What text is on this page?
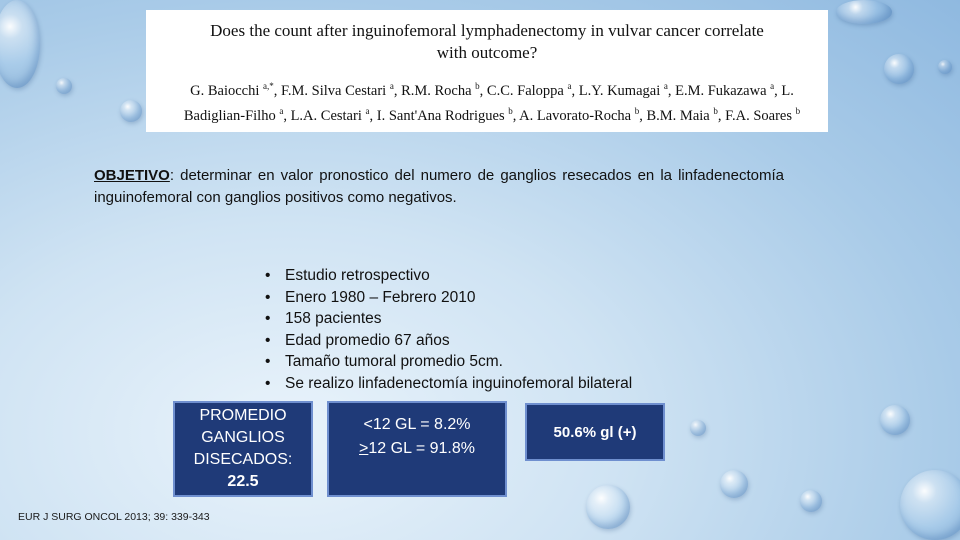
Does the count after inguinofemoral lymphadenectomy in vulvar cancer correlate
with outcome?
G. Baiocchi $^{a,*}$, F.M. Silva Cestari $^a$, R.M. Rocha $^b$, C.C. Faloppa $^a$, L.Y. Kumagai $^a$, E.M. Fukazawa $^a$, L. Badiglian-Filho $^a$, L.A. Cestari $^a$, I. Sant'Ana Rodrigues $^b$, A. Lavorato-Rocha $^b$, B.M. Maia $^b$, F.A. Soares $^b$
OBJETIVO: determinar en valor pronostico del numero de ganglios resecados en la linfadenectomía inguinofemoral con ganglios positivos como negativos.
• Estudio retrospectivo
• Enero 1980 – Febrero 2010
• 158 pacientes
• Edad promedio 67 años
• Tamaño tumoral promedio 5cm.
• Se realizo linfadenectomía inguinofemoral bilateral
PROMEDIO GANGLIOS DISECADOS:
22.5
<12 GL = 8.2%
≥12 GL = 91.8%
50.6% gl (+)
EUR J SURG ONCOL 2013; 39: 339-343
